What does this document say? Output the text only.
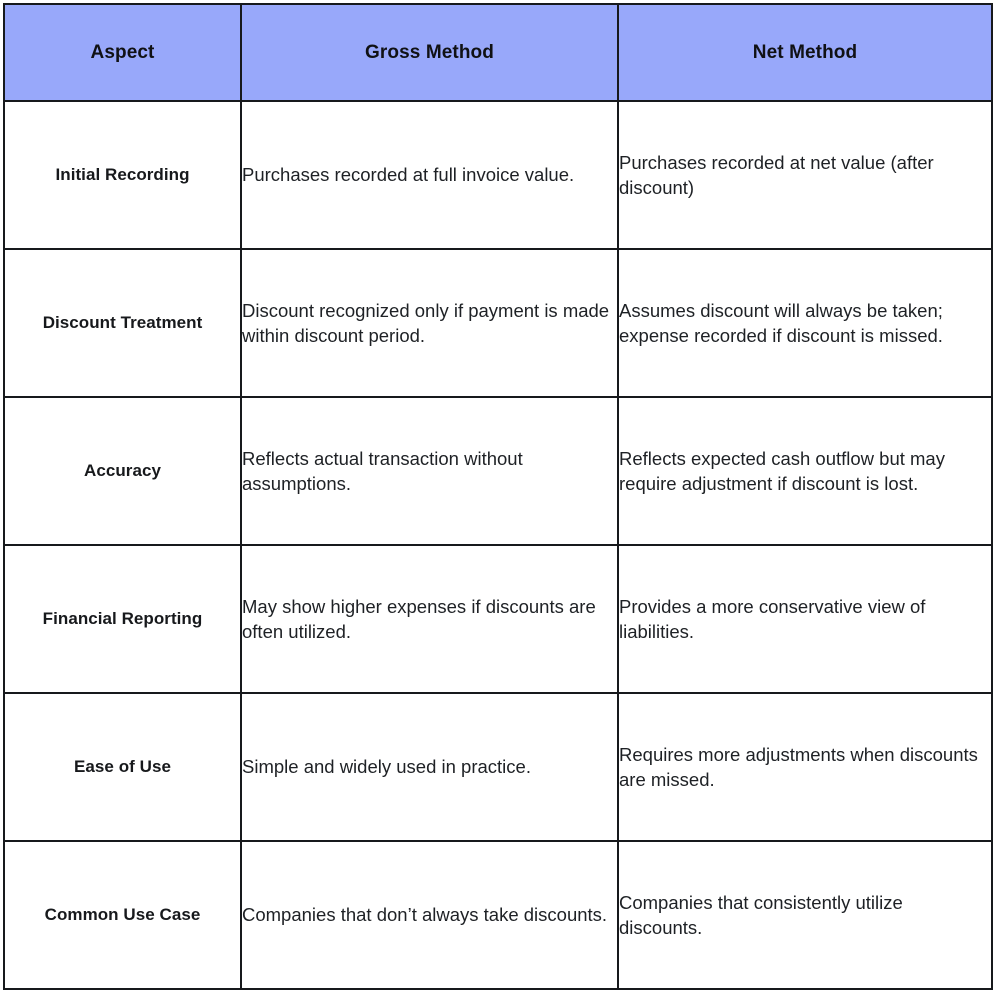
Aspect	Gross Method	Net Method
Initial Recording	Purchases recorded at full invoice value.	Purchases recorded at net value (after discount)

Discount Treatment	Discount recognized only if payment is made within discount period.	Assumes discount will always be taken; expense recorded if discount is missed.

Accuracy	Reflects actual transaction without assumptions.	Reflects expected cash outflow but may require adjustment if discount is lost.

Financial Reporting	May show higher expenses if discounts are often utilized.	Provides a more conservative view of liabilities.

Ease of Use	Simple and widely used in practice.	Requires more adjustments when discounts are missed.

Common Use Case	Companies that don’t always take discounts.	Companies that consistently utilize discounts.
